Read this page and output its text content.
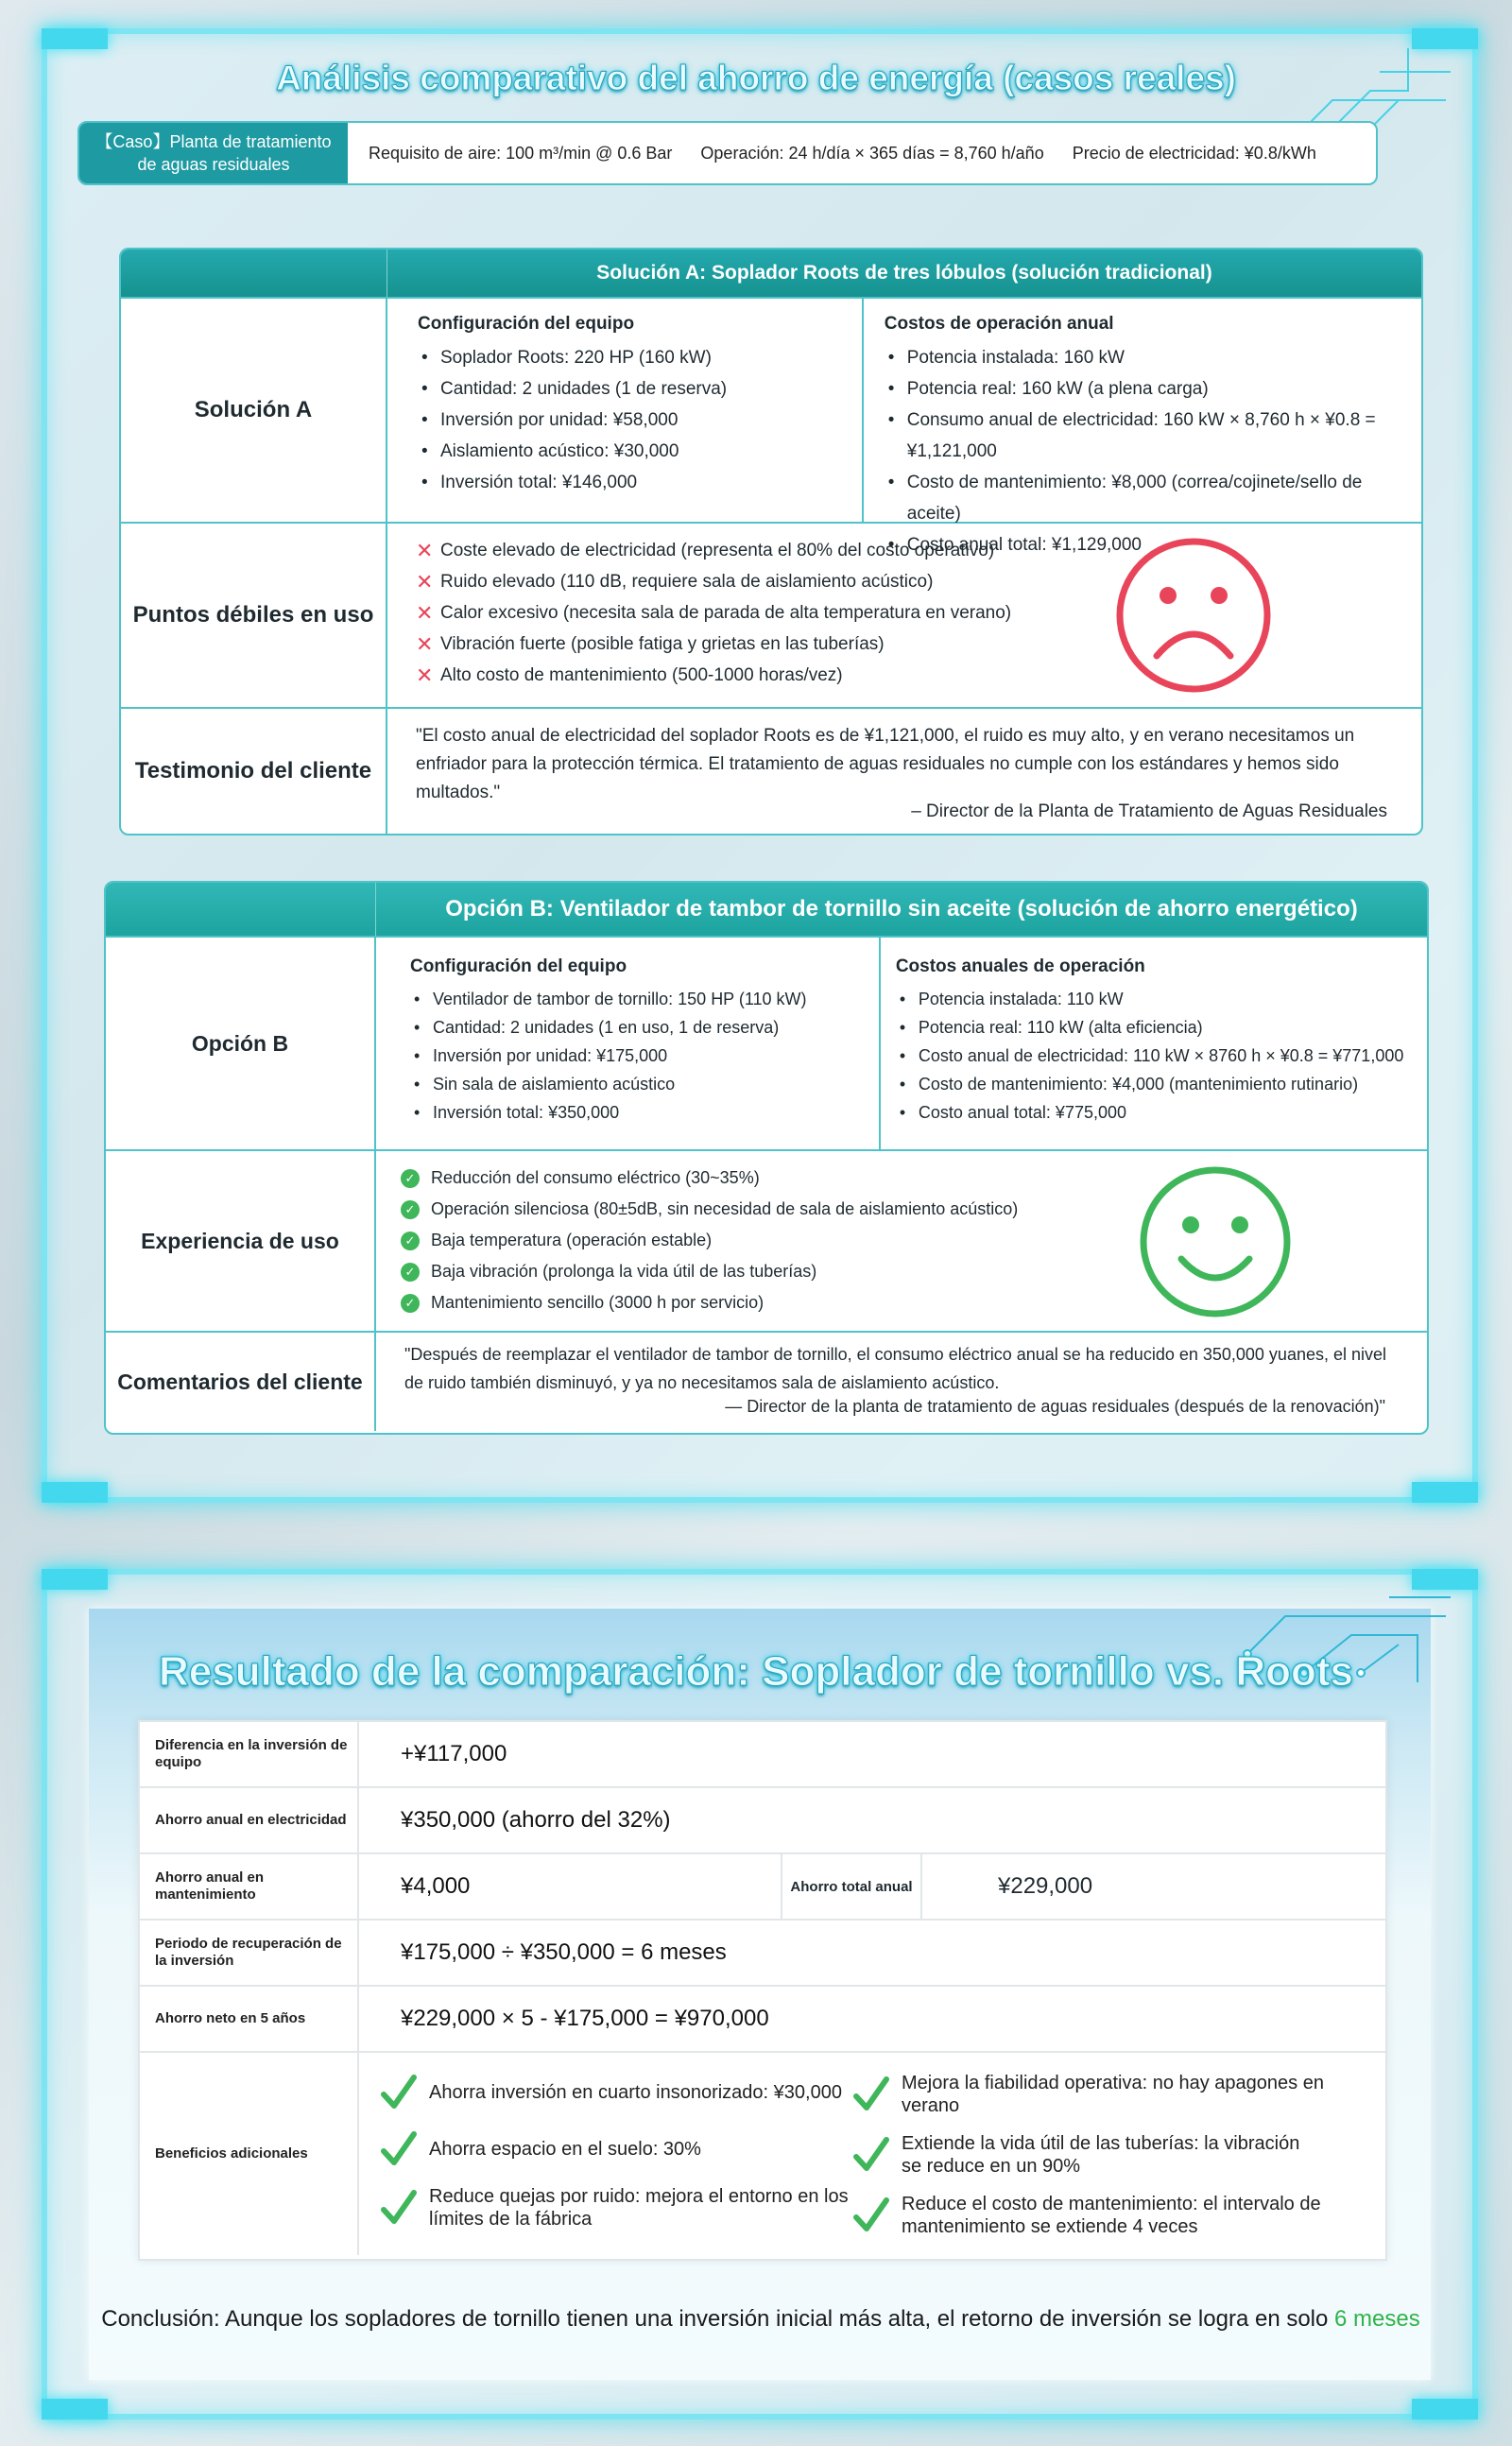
Análisis comparativo del ahorro de energía (casos reales)
【Caso】Planta de tratamiento de aguas residuales
Requisito de aire: 100 m³/min @ 0.6 Bar Operación: 24 h/día × 365 días = 8,760 h/año Precio de electricidad: ¥0.8/kWh
Solución A: Soplador Roots de tres lóbulos (solución tradicional)
Solución A
Configuración del equipo
• Soplador Roots: 220 HP (160 kW)
• Cantidad: 2 unidades (1 de reserva)
• Inversión por unidad: ¥58,000
• Aislamiento acústico: ¥30,000
• Inversión total: ¥146,000
Costos de operación anual
• Potencia instalada: 160 kW
• Potencia real: 160 kW (a plena carga)
• Consumo anual de electricidad: 160 kW × 8,760 h × ¥0.8 = ¥1,121,000
• Costo de mantenimiento: ¥8,000 (correa/cojinete/sello de aceite)
• Costo anual total: ¥1,129,000
Puntos débiles en uso
✕ Coste elevado de electricidad (representa el 80% del costo operativo)
✕ Ruido elevado (110 dB, requiere sala de aislamiento acústico)
✕ Calor excesivo (necesita sala de parada de alta temperatura en verano)
✕ Vibración fuerte (posible fatiga y grietas en las tuberías)
✕ Alto costo de mantenimiento (500-1000 horas/vez)
Testimonio del cliente
"El costo anual de electricidad del soplador Roots es de ¥1,121,000, el ruido es muy alto, y en verano necesitamos un enfriador para la protección térmica. El tratamiento de aguas residuales no cumple con los estándares y hemos sido multados."
– Director de la Planta de Tratamiento de Aguas Residuales
Opción B: Ventilador de tambor de tornillo sin aceite (solución de ahorro energético)
Opción B
Configuración del equipo
• Ventilador de tambor de tornillo: 150 HP (110 kW)
• Cantidad: 2 unidades (1 en uso, 1 de reserva)
• Inversión por unidad: ¥175,000
• Sin sala de aislamiento acústico
• Inversión total: ¥350,000
Costos anuales de operación
• Potencia instalada: 110 kW
• Potencia real: 110 kW (alta eficiencia)
• Costo anual de electricidad: 110 kW × 8760 h × ¥0.8 = ¥771,000
• Costo de mantenimiento: ¥4,000 (mantenimiento rutinario)
• Costo anual total: ¥775,000
Experiencia de uso
✓ Reducción del consumo eléctrico (30~35%)
✓ Operación silenciosa (80±5dB, sin necesidad de sala de aislamiento acústico)
✓ Baja temperatura (operación estable)
✓ Baja vibración (prolonga la vida útil de las tuberías)
✓ Mantenimiento sencillo (3000 h por servicio)
Comentarios del cliente
"Después de reemplazar el ventilador de tambor de tornillo, el consumo eléctrico anual se ha reducido en 350,000 yuanes, el nivel de ruido también disminuyó, y ya no necesitamos sala de aislamiento acústico.
— Director de la planta de tratamiento de aguas residuales (después de la renovación)"
Resultado de la comparación: Soplador de tornillo vs. Roots
Diferencia en la inversión de equipo	+¥117,000
Ahorro anual en electricidad	¥350,000 (ahorro del 32%)
Ahorro anual en mantenimiento	¥4,000	Ahorro total anual	¥229,000
Periodo de recuperación de la inversión	¥175,000 ÷ ¥350,000 = 6 meses
Ahorro neto en 5 años	¥229,000 × 5 - ¥175,000 = ¥970,000
Beneficios adicionales
Ahorra inversión en cuarto insonorizado: ¥30,000
Ahorra espacio en el suelo: 30%
Reduce quejas por ruido: mejora el entorno en los límites de la fábrica
Mejora la fiabilidad operativa: no hay apagones en verano
Extiende la vida útil de las tuberías: la vibración se reduce en un 90%
Reduce el costo de mantenimiento: el intervalo de mantenimiento se extiende 4 veces
Conclusión: Aunque los sopladores de tornillo tienen una inversión inicial más alta, el retorno de inversión se logra en solo 6 meses
